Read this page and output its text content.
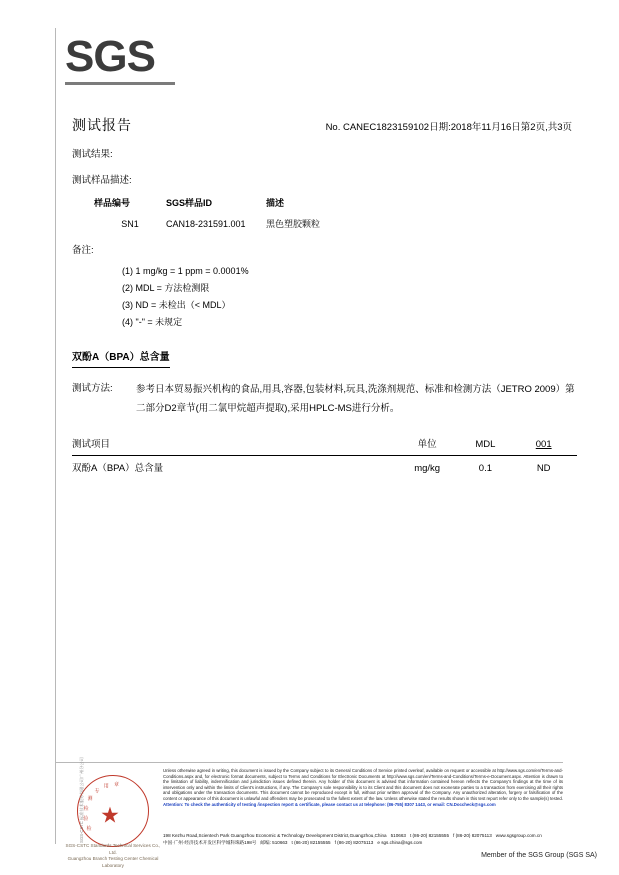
SGS
测试报告	No. CANEC1823159102 日期:2018年11月16日 第2页,共3页
测试结果:
测试样品描述:
样品编号	SGS样品ID	描述
SN1	CAN18-231591.001	黑色塑胶颗粒
备注:
(1) 1 mg/kg = 1 ppm = 0.0001%
(2) MDL = 方法检测限
(3) ND = 未检出（< MDL）
(4) "-" = 未规定
双酚A（BPA）总含量
测试方法:	参考日本贸易振兴机构的食品,用具,容器,包装材料,玩具,洗涤剂规范、标准和检测方法（JETRO 2009）第二部分D2章节(用二氯甲烷超声提取),采用HPLC-MS进行分析。
测试项目	单位	MDL	001
双酚A（BPA）总含量	mg/kg	0.1	ND
★
检
验
检
测
专
用 章
SGS-CSTC Standards Technical Services Co., Ltd.
Guangzhou Branch Testing Center Chemical Laboratory
SGS-CSTC 标准技术服务有限公司广州分公司	Unless otherwise agreed in writing, this document is issued by the Company subject to its General Conditions of Service printed overleaf, available on request or accessible at http://www.sgs.com/en/Terms-and-Conditions.aspx and, for electronic format documents, subject to Terms and Conditions for Electronic Documents at http://www.sgs.com/en/Terms-and-Conditions/Terms-e-Document.aspx. Attention is drawn to the limitation of liability, indemnification and jurisdiction issues defined therein. Any holder of this document is advised that information contained hereon reflects the Company's findings at the time of its intervention only and within the limits of Client's instructions, if any. The Company's sole responsibility is to its Client and this document does not exonerate parties to a transaction from exercising all their rights and obligations under the transaction documents. This document cannot be reproduced except in full, without prior written approval of the Company. Any unauthorized alteration, forgery or falsification of the content or appearance of this document is unlawful and offenders may be prosecuted to the fullest extent of the law. Unless otherwise stated the results shown in this test report refer only to the sample(s) tested. Attention: To check the authenticity of testing /inspection report & certificate, please contact us at telephone: (86-755) 8307 1443, or email: CN.Doccheck@sgs.com
198 Kezhu Road,Scientech Park Guangzhou Economic & Technology Development District,Guangzhou,China 510663 t (86-20) 82155555 f (86-20) 82075113 www.sgsgroup.com.cn
中国·广州·经济技术开发区科学城科珠路198号 邮编: 510663 t (86-20) 82155555 f (86-20) 82075113 e sgs.china@sgs.com
Member of the SGS Group (SGS SA)
